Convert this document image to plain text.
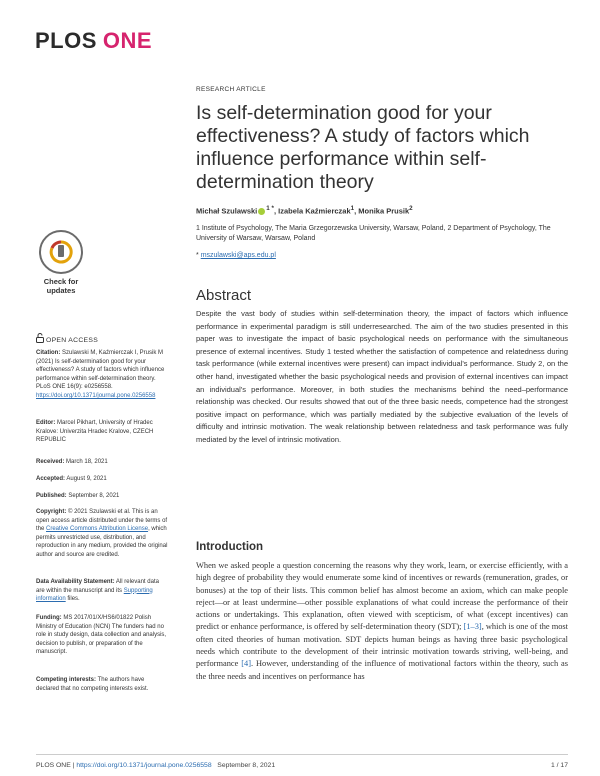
PLOS ONE
RESEARCH ARTICLE
Is self-determination good for your effectiveness? A study of factors which influence performance within self-determination theory
Michał Szulawski $^{1 *}$, Izabela Kaźmierczak$^1$, Monika Prusik$^2$
1 Institute of Psychology, The Maria Grzegorzewska University, Warsaw, Poland, 2 Department of Psychology, The University of Warsaw, Warsaw, Poland
* mszulawski@aps.edu.pl
Check for
updates	Abstract
Despite the vast body of studies within self-determination theory, the impact of factors which influence performance in experimental paradigm is still underresearched. The aim of the two studies presented in this paper was to investigate the impact of basic psychological needs on performance with the simultaneous presence of external incentives. Study 1 tested whether the satisfaction of competence and relatedness during task performance (while external incentives were present) can impact individual's performance. Study 2, on the other hand, investigated whether the basic psychological needs and provision of external incentives can impact an individual's performance. Moreover, in both studies the mechanisms behind the need–performance relationship was checked. Our results showed that out of the three basic needs, competence had the strongest positive impact on performance, which was partially mediated by the subjective evaluation of the levels of difficulty and intrinsic motivation. The weak relationship between relatedness and task performance was fully mediated by the level of intrinsic motivation.
OPEN ACCESS
Citation: Szulawski M, Kaźmierczak I, Prusik M (2021) Is self-determination good for your effectiveness? A study of factors which influence performance within self-determination theory. PLoS ONE 16(9): e0256558. https://doi.org/10.1371/journal.pone.0256558
Editor: Marcel Pikhart, University of Hradec Kralove: Univerzita Hradec Kralove, CZECH REPUBLIC
Received: March 18, 2021
Accepted: August 9, 2021
Published: September 8, 2021
Copyright: © 2021 Szulawski et al. This is an open access article distributed under the terms of the Creative Commons Attribution License, which permits unrestricted use, distribution, and reproduction in any medium, provided the original author and source are credited.
Data Availability Statement: All relevant data are within the manuscript and its Supporting information files.
Funding: MS 2017/01/X/HS6/01822 Polish Ministry of Education (NCN) The funders had no role in study design, data collection and analysis, decision to publish, or preparation of the manuscript.
Competing interests: The authors have declared that no competing interests exist.
Introduction
When we asked people a question concerning the reasons why they work, learn, or exercise efficiently, with a high degree of probability they would enumerate some kind of incentives or rewards (remuneration, grades, or bonuses) at the top of their lists. This common belief has almost become an axiom, which can make people reject—or at least undermine—other possible explanations of what could increase the performance of their actions or undertakings. This explanation, often viewed with scepticism, of what (except incentives) can predict or enhance performance, is offered by self-determination theory (SDT); [1–3], which is one of the most often cited theories of human motivation. SDT depicts human beings as having three basic psychological needs which contribute to the development of their intrinsic motivation towards striving, well-being, and performance [4]. However, understanding of the influence of motivational factors within the theory, such as the three needs and incentives on performance has
PLOS ONE | https://doi.org/10.1371/journal.pone.0256558 September 8, 2021	1 / 17
